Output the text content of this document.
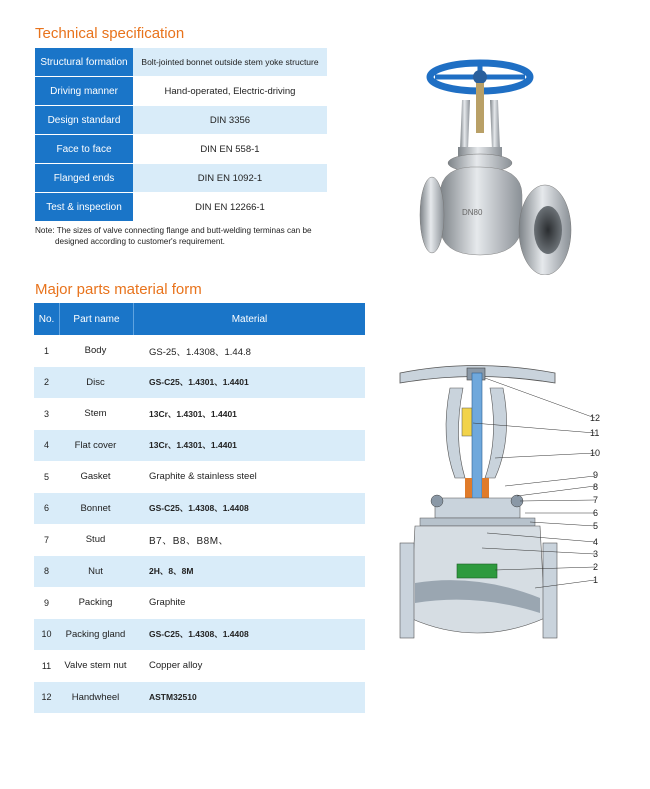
Technical specification
Structural formation	Bolt-jointed bonnet outside stem yoke structure
Driving manner	Hand-operated, Electric-driving
Design standard	DIN 3356
Face to face	DIN EN 558-1
Flanged ends	DIN EN 1092-1
Test & inspection	DIN EN 12266-1
Note: The sizes of valve connecting flange and butt-welding terminas can be
designed according to customer's requirement.
DN80
Major parts material form
No.	Part name	Material
1	Body	GS-25、1.4308、1.44.8
2	Disc	GS-C25、1.4301、1.4401
3	Stem	13Cr、1.4301、1.4401
4	Flat cover	13Cr、1.4301、1.4401
5	Gasket	Graphite & stainless steel
6	Bonnet	GS-C25、1.4308、1.4408
7	Stud	B7、B8、B8M、
8	Nut	2H、8、8M
9	Packing	Graphite
10	Packing gland	GS-C25、1.4308、1.4408
11	Valve stem nut	Copper alloy
12	Handwheel	ASTM32510
12
11
10
9
8
7
6
5
4
3
2
1
